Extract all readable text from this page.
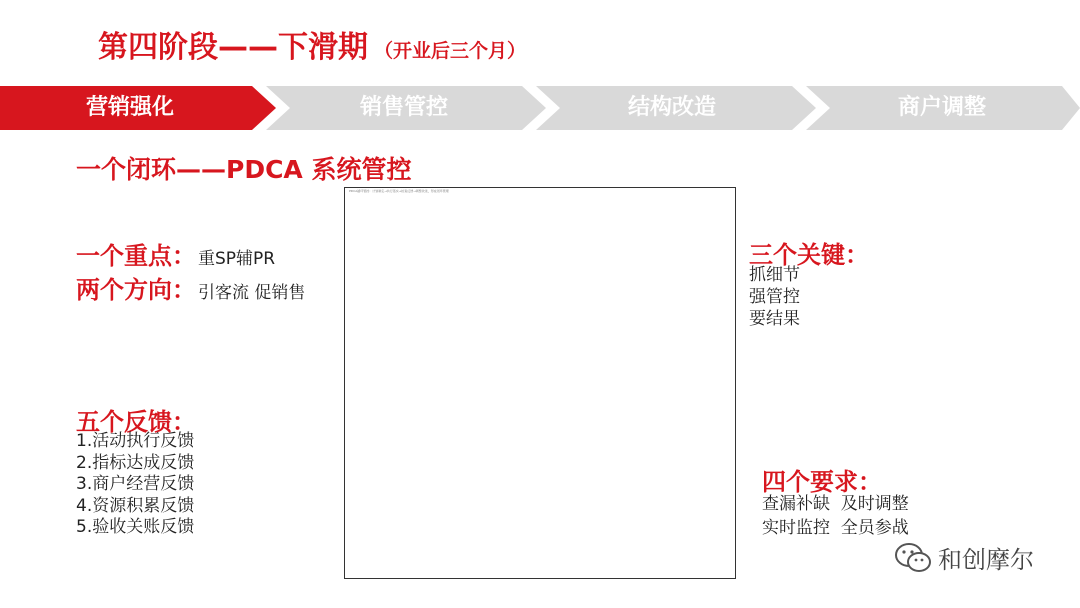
第四阶段——下滑期 （开业后三个月）
营销强化	销售管控	结构改造	商户调整
一个闭环——PDCA 系统管控
一个重点： 重SP辅PR
两个方向： 引客流 促销售
五个反馈：
1.活动执行反馈
2.指标达成反馈
3.商户经营反馈
4.资源积累反馈
5.验收关账反馈
PDCA循环管控：计划制定→执行落实→检查反馈→调整改进，形成闭环管理
三个关键：
抓细节
强管控
要结果
四个要求：
查漏补缺  及时调整
实时监控  全员参战
和创摩尔
